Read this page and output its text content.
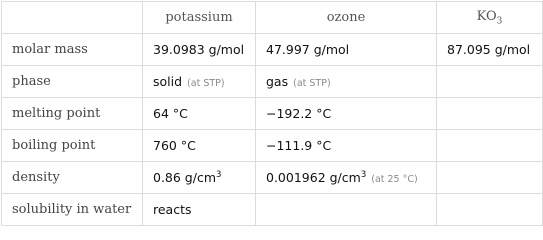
	potassium	ozone	$KO_3$
molar mass	39.0983 g/mol	47.997 g/mol	87.095 g/mol
phase	solid (at STP)	gas (at STP)	
melting point	64 °C	−192.2 °C	
boiling point	760 °C	−111.9 °C	
density	0.86 $g/cm^3$	0.001962 $g/cm^3$ (at 25 °C)	
solubility in water	reacts		
